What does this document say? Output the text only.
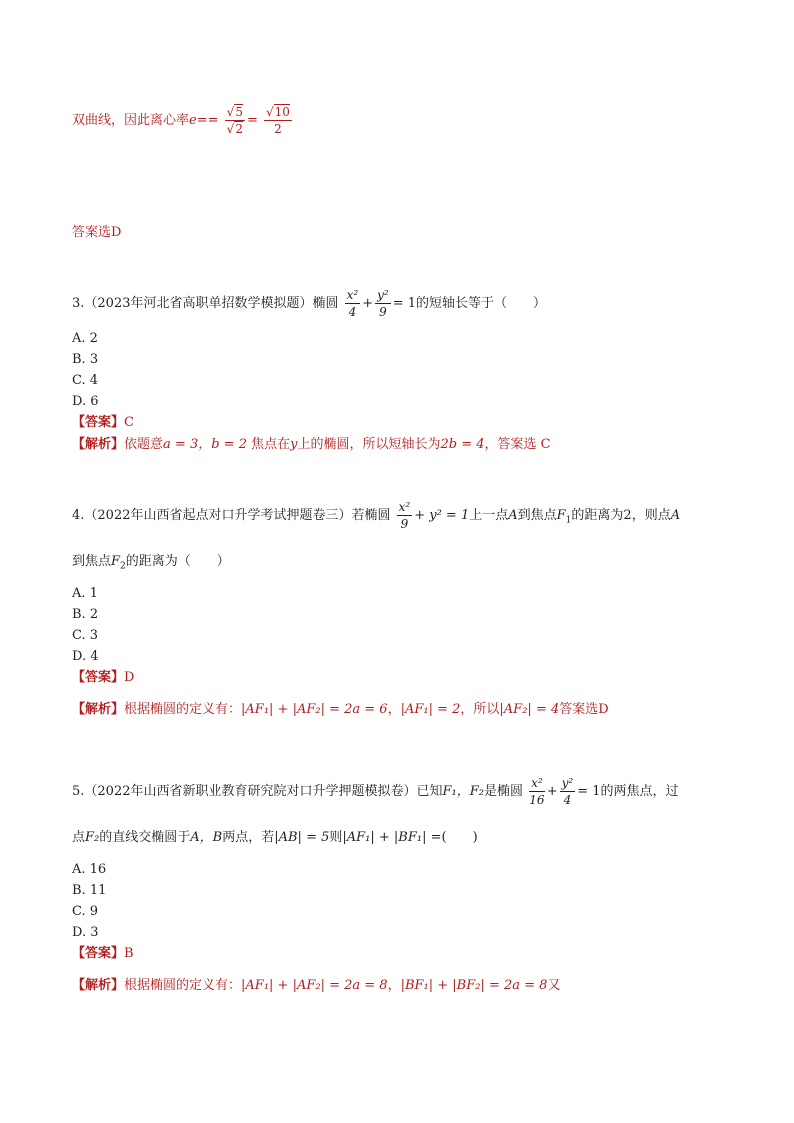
双曲线，因此离心率$e== \frac{√5}{√2} = \frac{√10}{2}$
答案选D
3.（2023年河北省高职单招数学模拟题）椭圆 $\frac{\text{x²}}{4} + \frac{\text{y²}}{9} = 1$的短轴长等于（　　）
A. 2
B. 3
C. 4
D. 6
【答案】C
【解析】依题意a = 3，b = 2 焦点在y上的椭圆，所以短轴长为2b = 4，答案选 C
4.（2022年山西省起点对口升学考试押题卷三）若椭圆 $\frac{\text{x²}}{9} + y^2 = 1$上一点A到焦点$F_1$的距离为2，则点A
到焦点$F_2$的距离为（　　）
A. 1
B. 2
C. 3
D. 4
【答案】D
【解析】根据椭圆的定义有：|AF₁| + |AF₂| = 2a = 6，|AF₁| = 2，所以|AF₂| = 4答案选D
5.（2022年山西省新职业教育研究院对口升学押题模拟卷）已知F₁，F₂是椭圆 $\frac{\text{x²}}{16} + \frac{\text{y²}}{4} = 1$的两焦点，过
点F₂的直线交椭圆于A，B两点，若|AB| = 5则|AF₁| + |BF₁| =(　　)
A. 16
B. 11
C. 9
D. 3
【答案】B
【解析】根据椭圆的定义有：|AF₁| + |AF₂| = 2a = 8，|BF₁| + |BF₂| = 2a = 8又
